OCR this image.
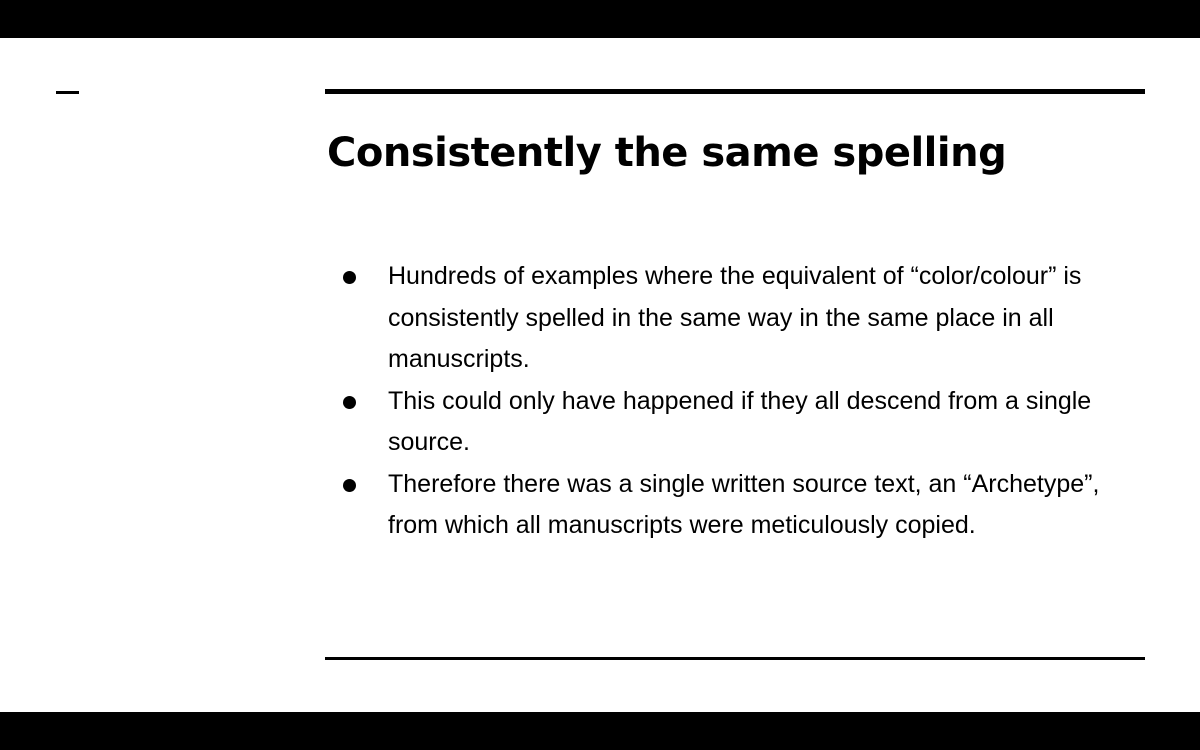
Consistently the same spelling
Hundreds of examples where the equivalent of “color/colour” is consistently spelled in the same way in the same place in all manuscripts.
This could only have happened if they all descend from a single source.
Therefore there was a single written source text, an “Archetype”, from which all manuscripts were meticulously copied.
